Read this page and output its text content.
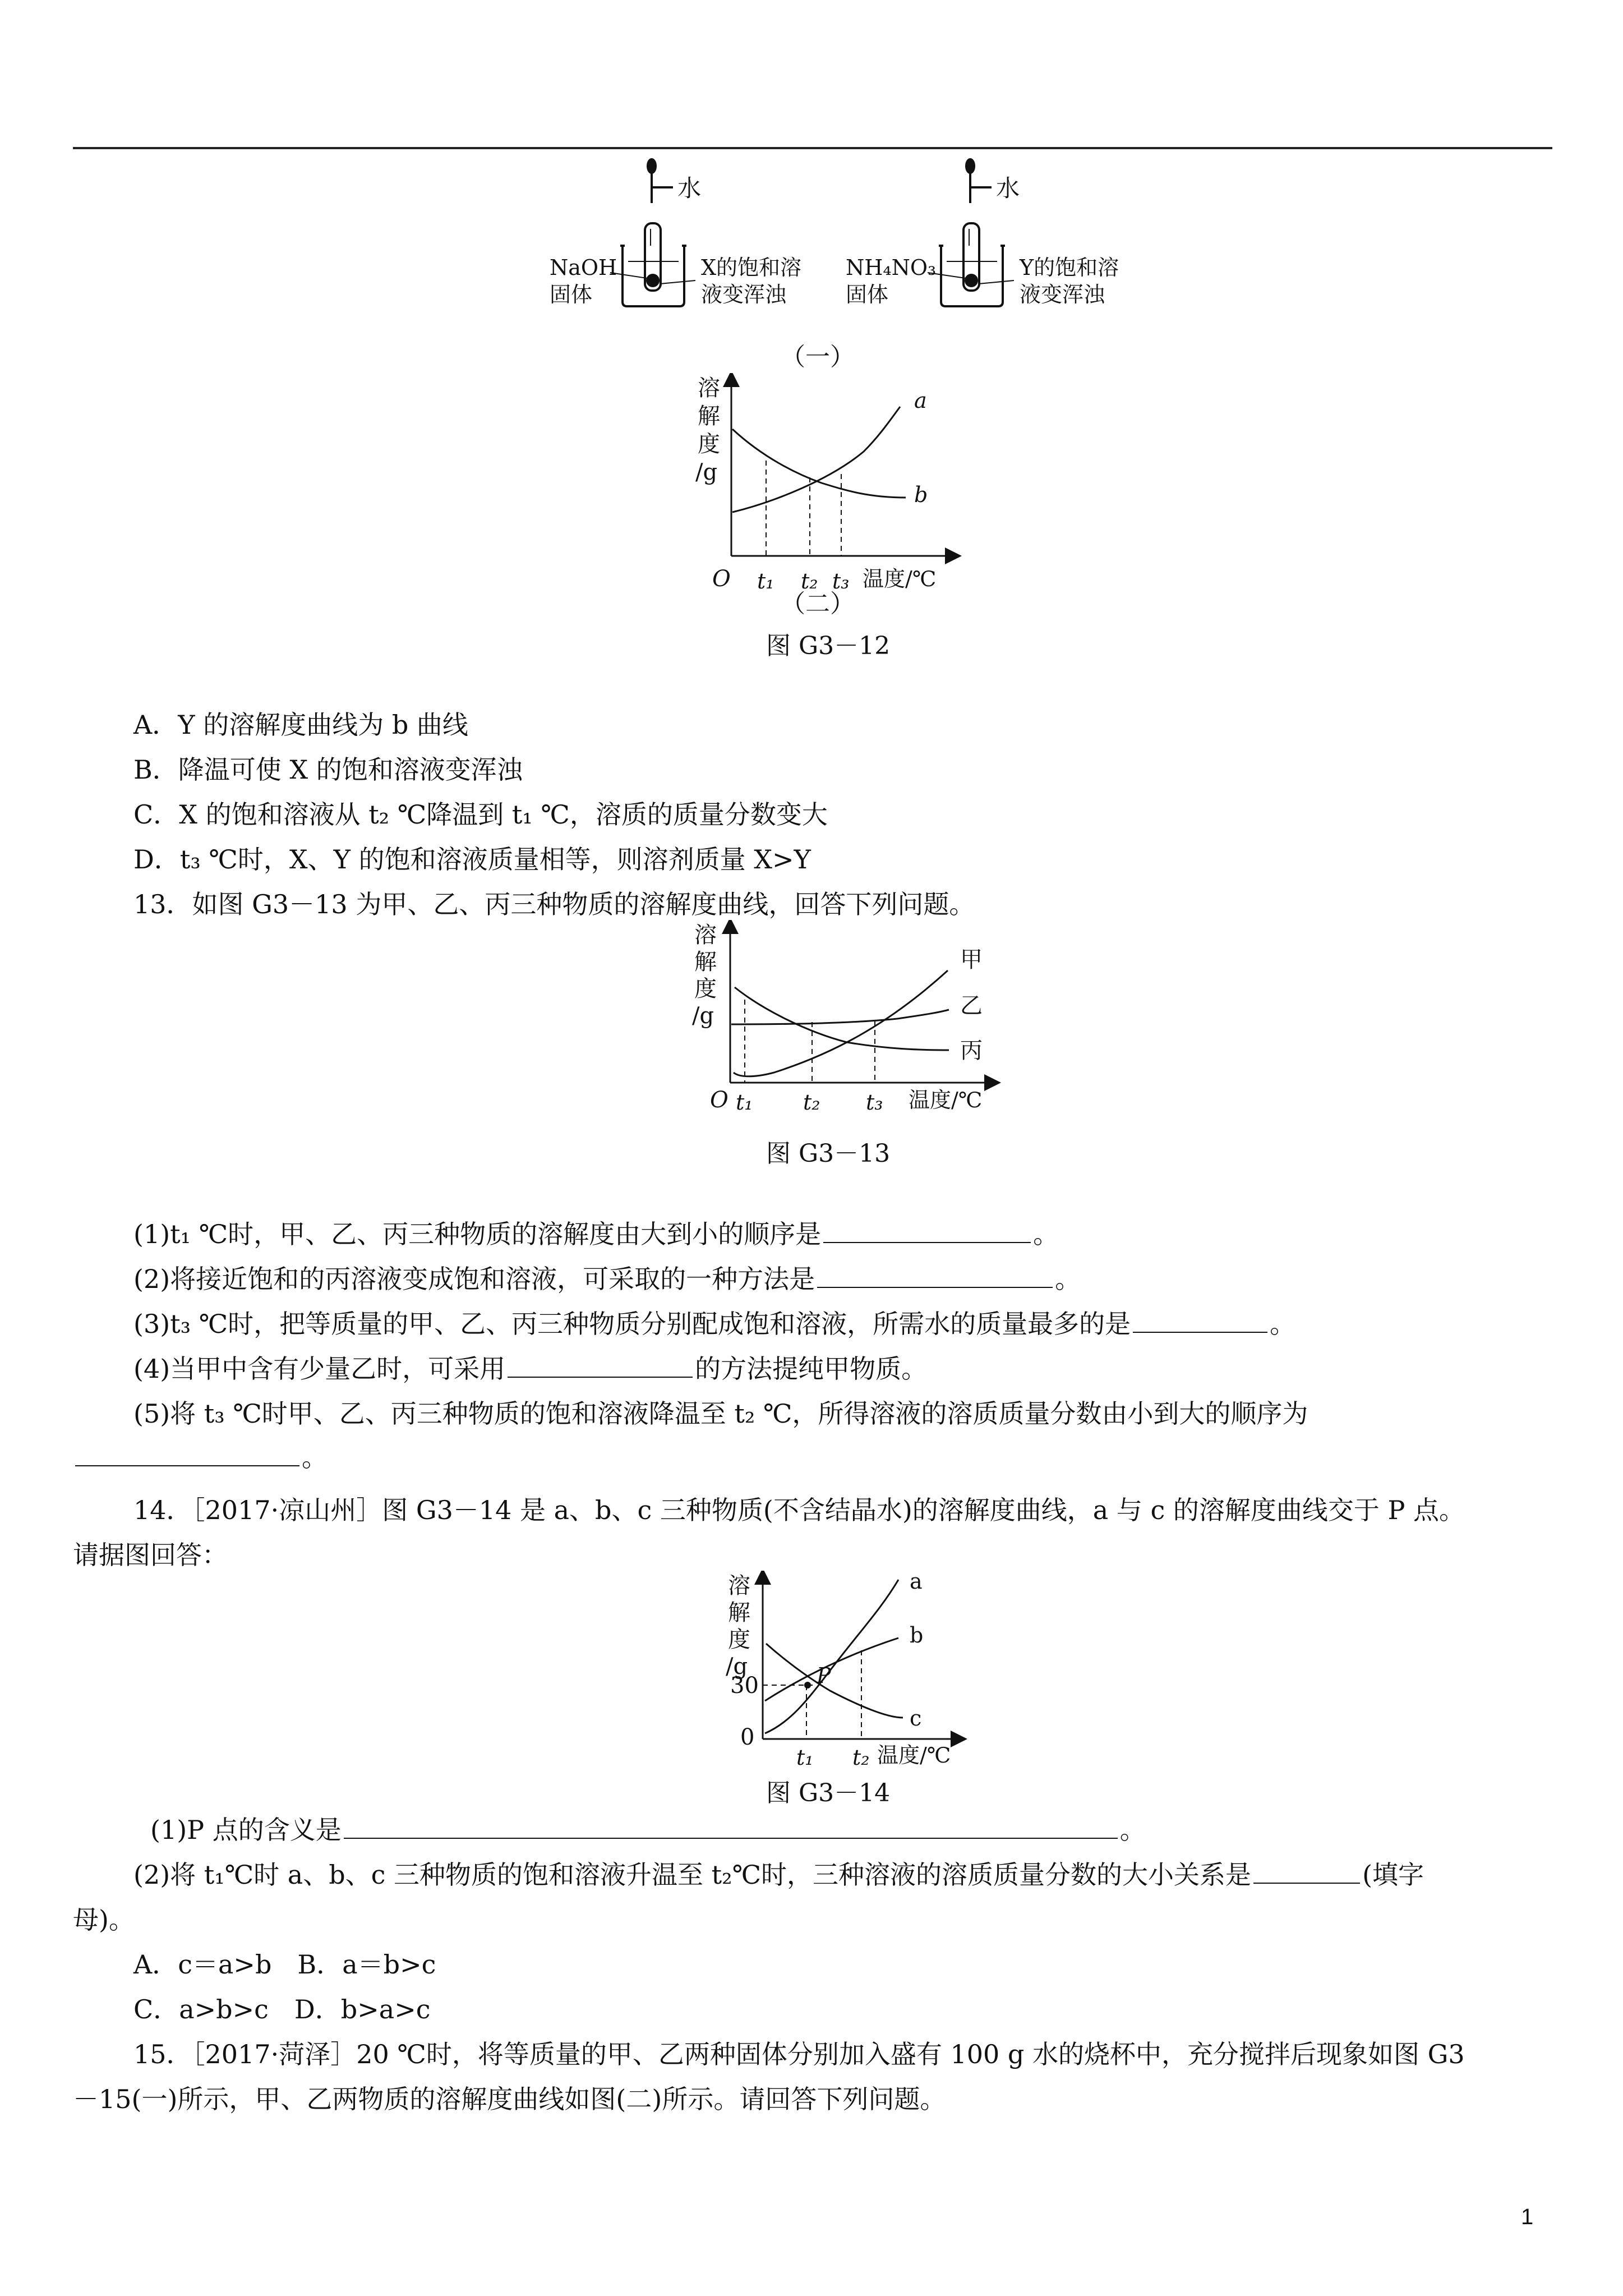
水
NaOH
固体
X的饱和溶
液变浑浊
水
NH₄NO₃
固体
Y的饱和溶
液变浑浊
（一）
溶
解
度
/g
O t₁ t₂ t₃ 温度/℃
a
b
（二）
图 G3－12
A．Y 的溶解度曲线为 b 曲线
B．降温可使 X 的饱和溶液变浑浊
C．X 的饱和溶液从 t₂ ℃降温到 t₁ ℃，溶质的质量分数变大
D．t₃ ℃时，X、Y 的饱和溶液质量相等，则溶剂质量 X>Y
13．如图 G3－13 为甲、乙、丙三种物质的溶解度曲线，回答下列问题。
溶
解
度
/g
O t₁ t₂ t₃ 温度/℃
甲
乙
丙
图 G3－13
(1)t₁ ℃时，甲、乙、丙三种物质的溶解度由大到小的顺序是	。
(2)将接近饱和的丙溶液变成饱和溶液，可采取的一种方法是	。
(3)t₃ ℃时，把等质量的甲、乙、丙三种物质分别配成饱和溶液，所需水的质量最多的是	。
(4)当甲中含有少量乙时，可采用	的方法提纯甲物质。
(5)将 t₃ ℃时甲、乙、丙三种物质的饱和溶液降温至 t₂ ℃，所得溶液的溶质质量分数由小到大的顺序为
。
14．［2017·凉山州］图 G3－14 是 a、b、c 三种物质(不含结晶水)的溶解度曲线，a 与 c 的溶解度曲线交于 P 点。
请据图回答：
溶
解
度
/g
30
0
P
t₁ t₂ 温度/℃
a
b
c
图 G3－14
(1)P 点的含义是	。
(2)将 t₁℃时 a、b、c 三种物质的饱和溶液升温至 t₂℃时，三种溶液的溶质质量分数的大小关系是	(填字
母)。
A．c＝a>b　B．a＝b>c
C．a>b>c　D．b>a>c
15．［2017·菏泽］20 ℃时，将等质量的甲、乙两种固体分别加入盛有 100 g 水的烧杯中，充分搅拌后现象如图 G3
－15(一)所示，甲、乙两物质的溶解度曲线如图(二)所示。请回答下列问题。
1
